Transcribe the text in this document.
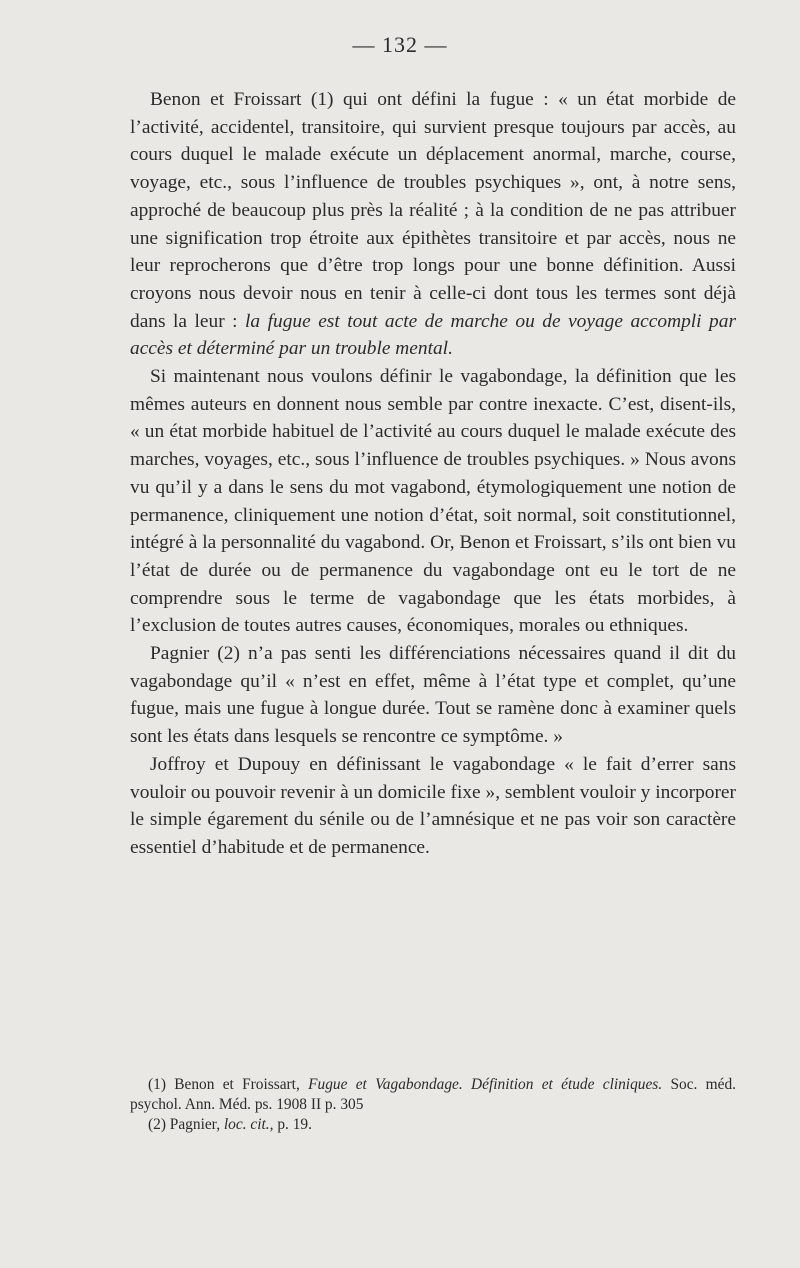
— 132 —

Benon et Froissart (1) qui ont défini la fugue : « un état morbide de l’activité, accidentel, transitoire, qui survient presque toujours par accès, au cours duquel le malade exécute un déplacement anormal, marche, course, voyage, etc., sous l’influence de troubles psychiques », ont, à notre sens, approché de beaucoup plus près la réalité ; à la condition de ne pas attribuer une signification trop étroite aux épithètes transitoire et par accès, nous ne leur reprocherons que d’être trop longs pour une bonne définition. Aussi croyons nous devoir nous en tenir à celle-ci dont tous les termes sont déjà dans la leur : la fugue est tout acte de marche ou de voyage accompli par accès et déterminé par un trouble mental.

Si maintenant nous voulons définir le vagabondage, la définition que les mêmes auteurs en donnent nous semble par contre inexacte. C’est, disent-ils, « un état morbide habituel de l’activité au cours duquel le malade exécute des marches, voyages, etc., sous l’influence de troubles psychiques. » Nous avons vu qu’il y a dans le sens du mot vagabond, étymologiquement une notion de permanence, cliniquement une notion d’état, soit normal, soit constitutionnel, intégré à la personnalité du vagabond. Or, Benon et Froissart, s’ils ont bien vu l’état de durée ou de permanence du vagabondage ont eu le tort de ne comprendre sous le terme de vagabondage que les états morbides, à l’exclusion de toutes autres causes, économiques, morales ou ethniques.

Pagnier (2) n’a pas senti les différenciations nécessaires quand il dit du vagabondage qu’il « n’est en effet, même à l’état type et complet, qu’une fugue, mais une fugue à longue durée. Tout se ramène donc à examiner quels sont les états dans lesquels se rencontre ce symptôme. »

Joffroy et Dupouy en définissant le vagabondage « le fait d’errer sans vouloir ou pouvoir revenir à un domicile fixe », semblent vouloir y incorporer le simple égarement du sénile ou de l’amnésique et ne pas voir son caractère essentiel d’habitude et de permanence.

(1) Benon et Froissart, Fugue et Vagabondage. Définition et étude cliniques. Soc. méd. psychol. Ann. Méd. ps. 1908 II p. 305

(2) Pagnier, loc. cit., p. 19.
